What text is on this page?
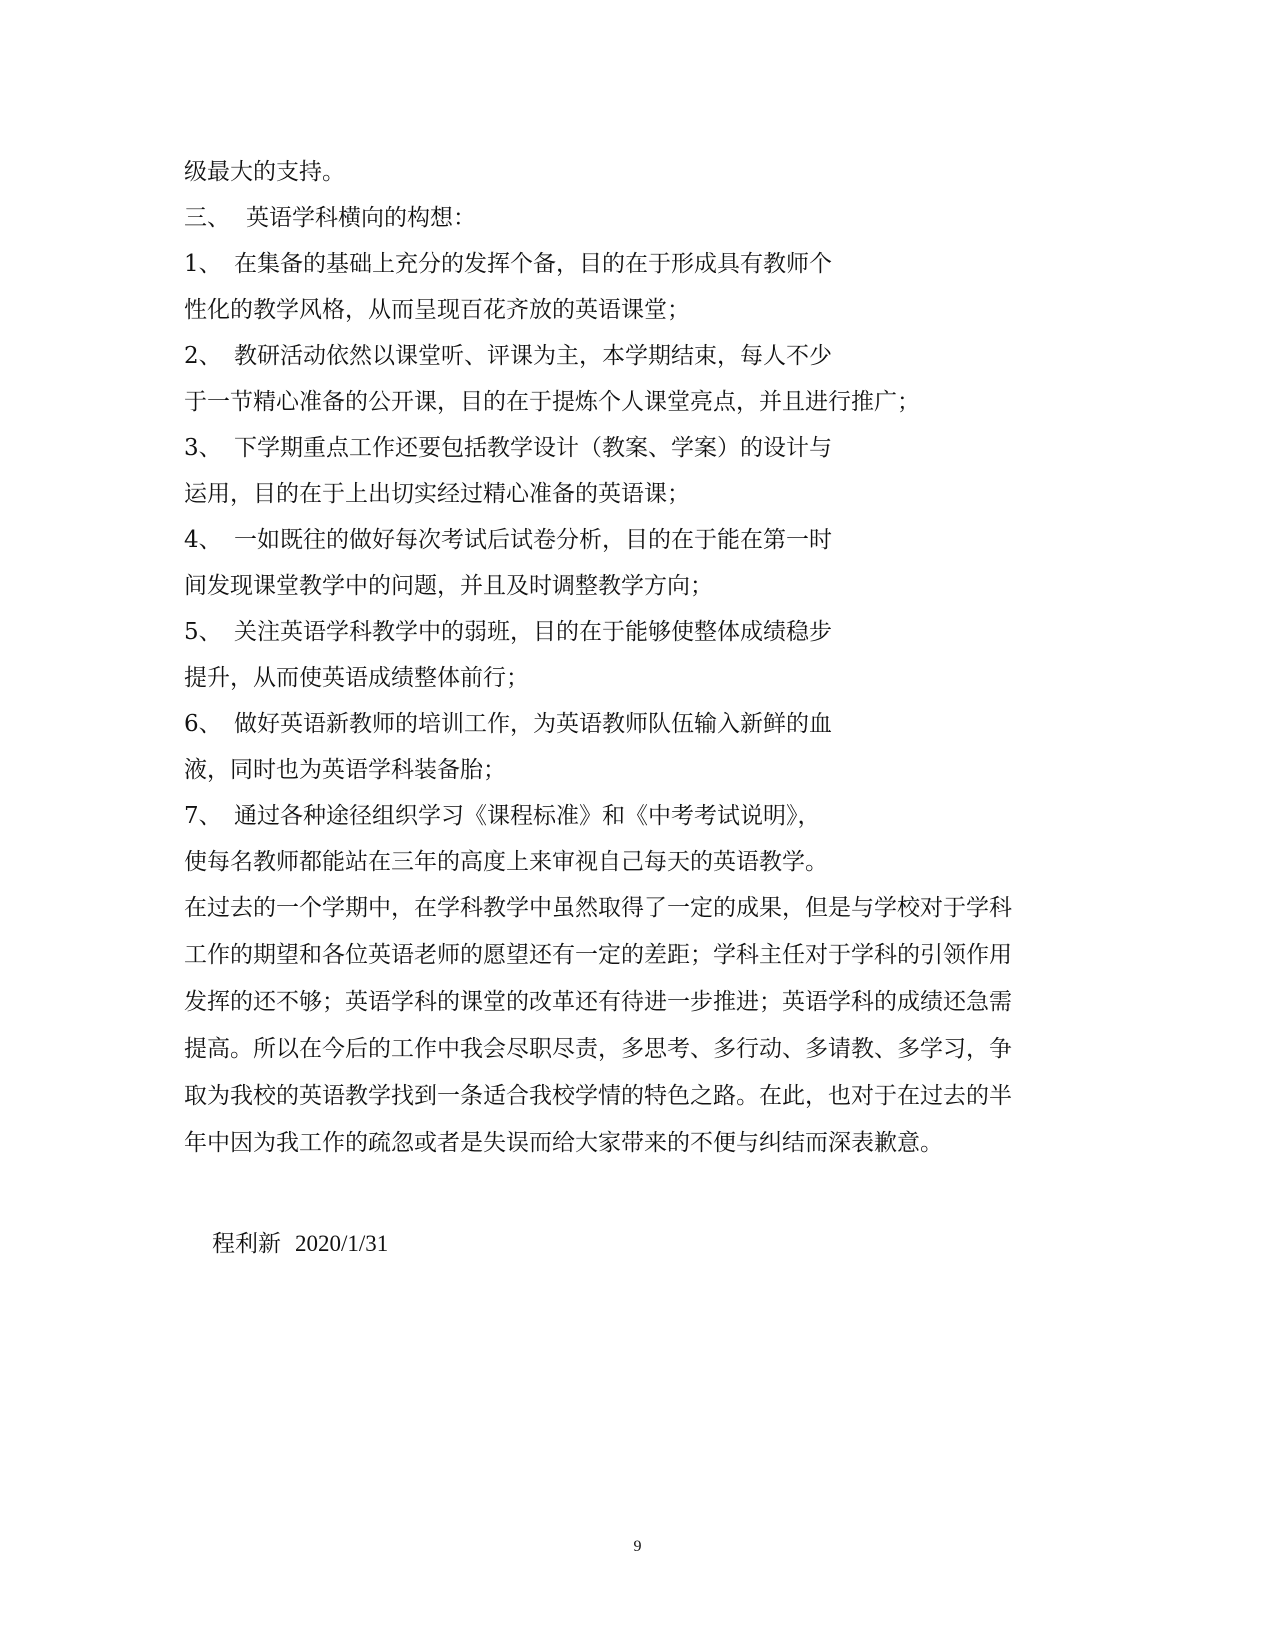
级最大的支持。
三、 英语学科横向的构想：
1、 在集备的基础上充分的发挥个备，目的在于形成具有教师个
性化的教学风格，从而呈现百花齐放的英语课堂；
2、 教研活动依然以课堂听、评课为主，本学期结束，每人不少
于一节精心准备的公开课，目的在于提炼个人课堂亮点，并且进行推广；
3、 下学期重点工作还要包括教学设计（教案、学案）的设计与
运用，目的在于上出切实经过精心准备的英语课；
4、 一如既往的做好每次考试后试卷分析，目的在于能在第一时
间发现课堂教学中的问题，并且及时调整教学方向；
5、 关注英语学科教学中的弱班，目的在于能够使整体成绩稳步
提升，从而使英语成绩整体前行；
6、 做好英语新教师的培训工作，为英语教师队伍输入新鲜的血
液，同时也为英语学科装备胎；
7、 通过各种途径组织学习《课程标准》和《中考考试说明》，
使每名教师都能站在三年的高度上来审视自己每天的英语教学。
在过去的一个学期中，在学科教学中虽然取得了一定的成果，但是与学校对于学科
工作的期望和各位英语老师的愿望还有一定的差距；学科主任对于学科的引领作用
发挥的还不够；英语学科的课堂的改革还有待进一步推进；英语学科的成绩还急需
提高。所以在今后的工作中我会尽职尽责，多思考、多行动、多请教、多学习，争
取为我校的英语教学找到一条适合我校学情的特色之路。在此，也对于在过去的半
年中因为我工作的疏忽或者是失误而给大家带来的不便与纠结而深表歉意。
程利新 2020/1/31
9
